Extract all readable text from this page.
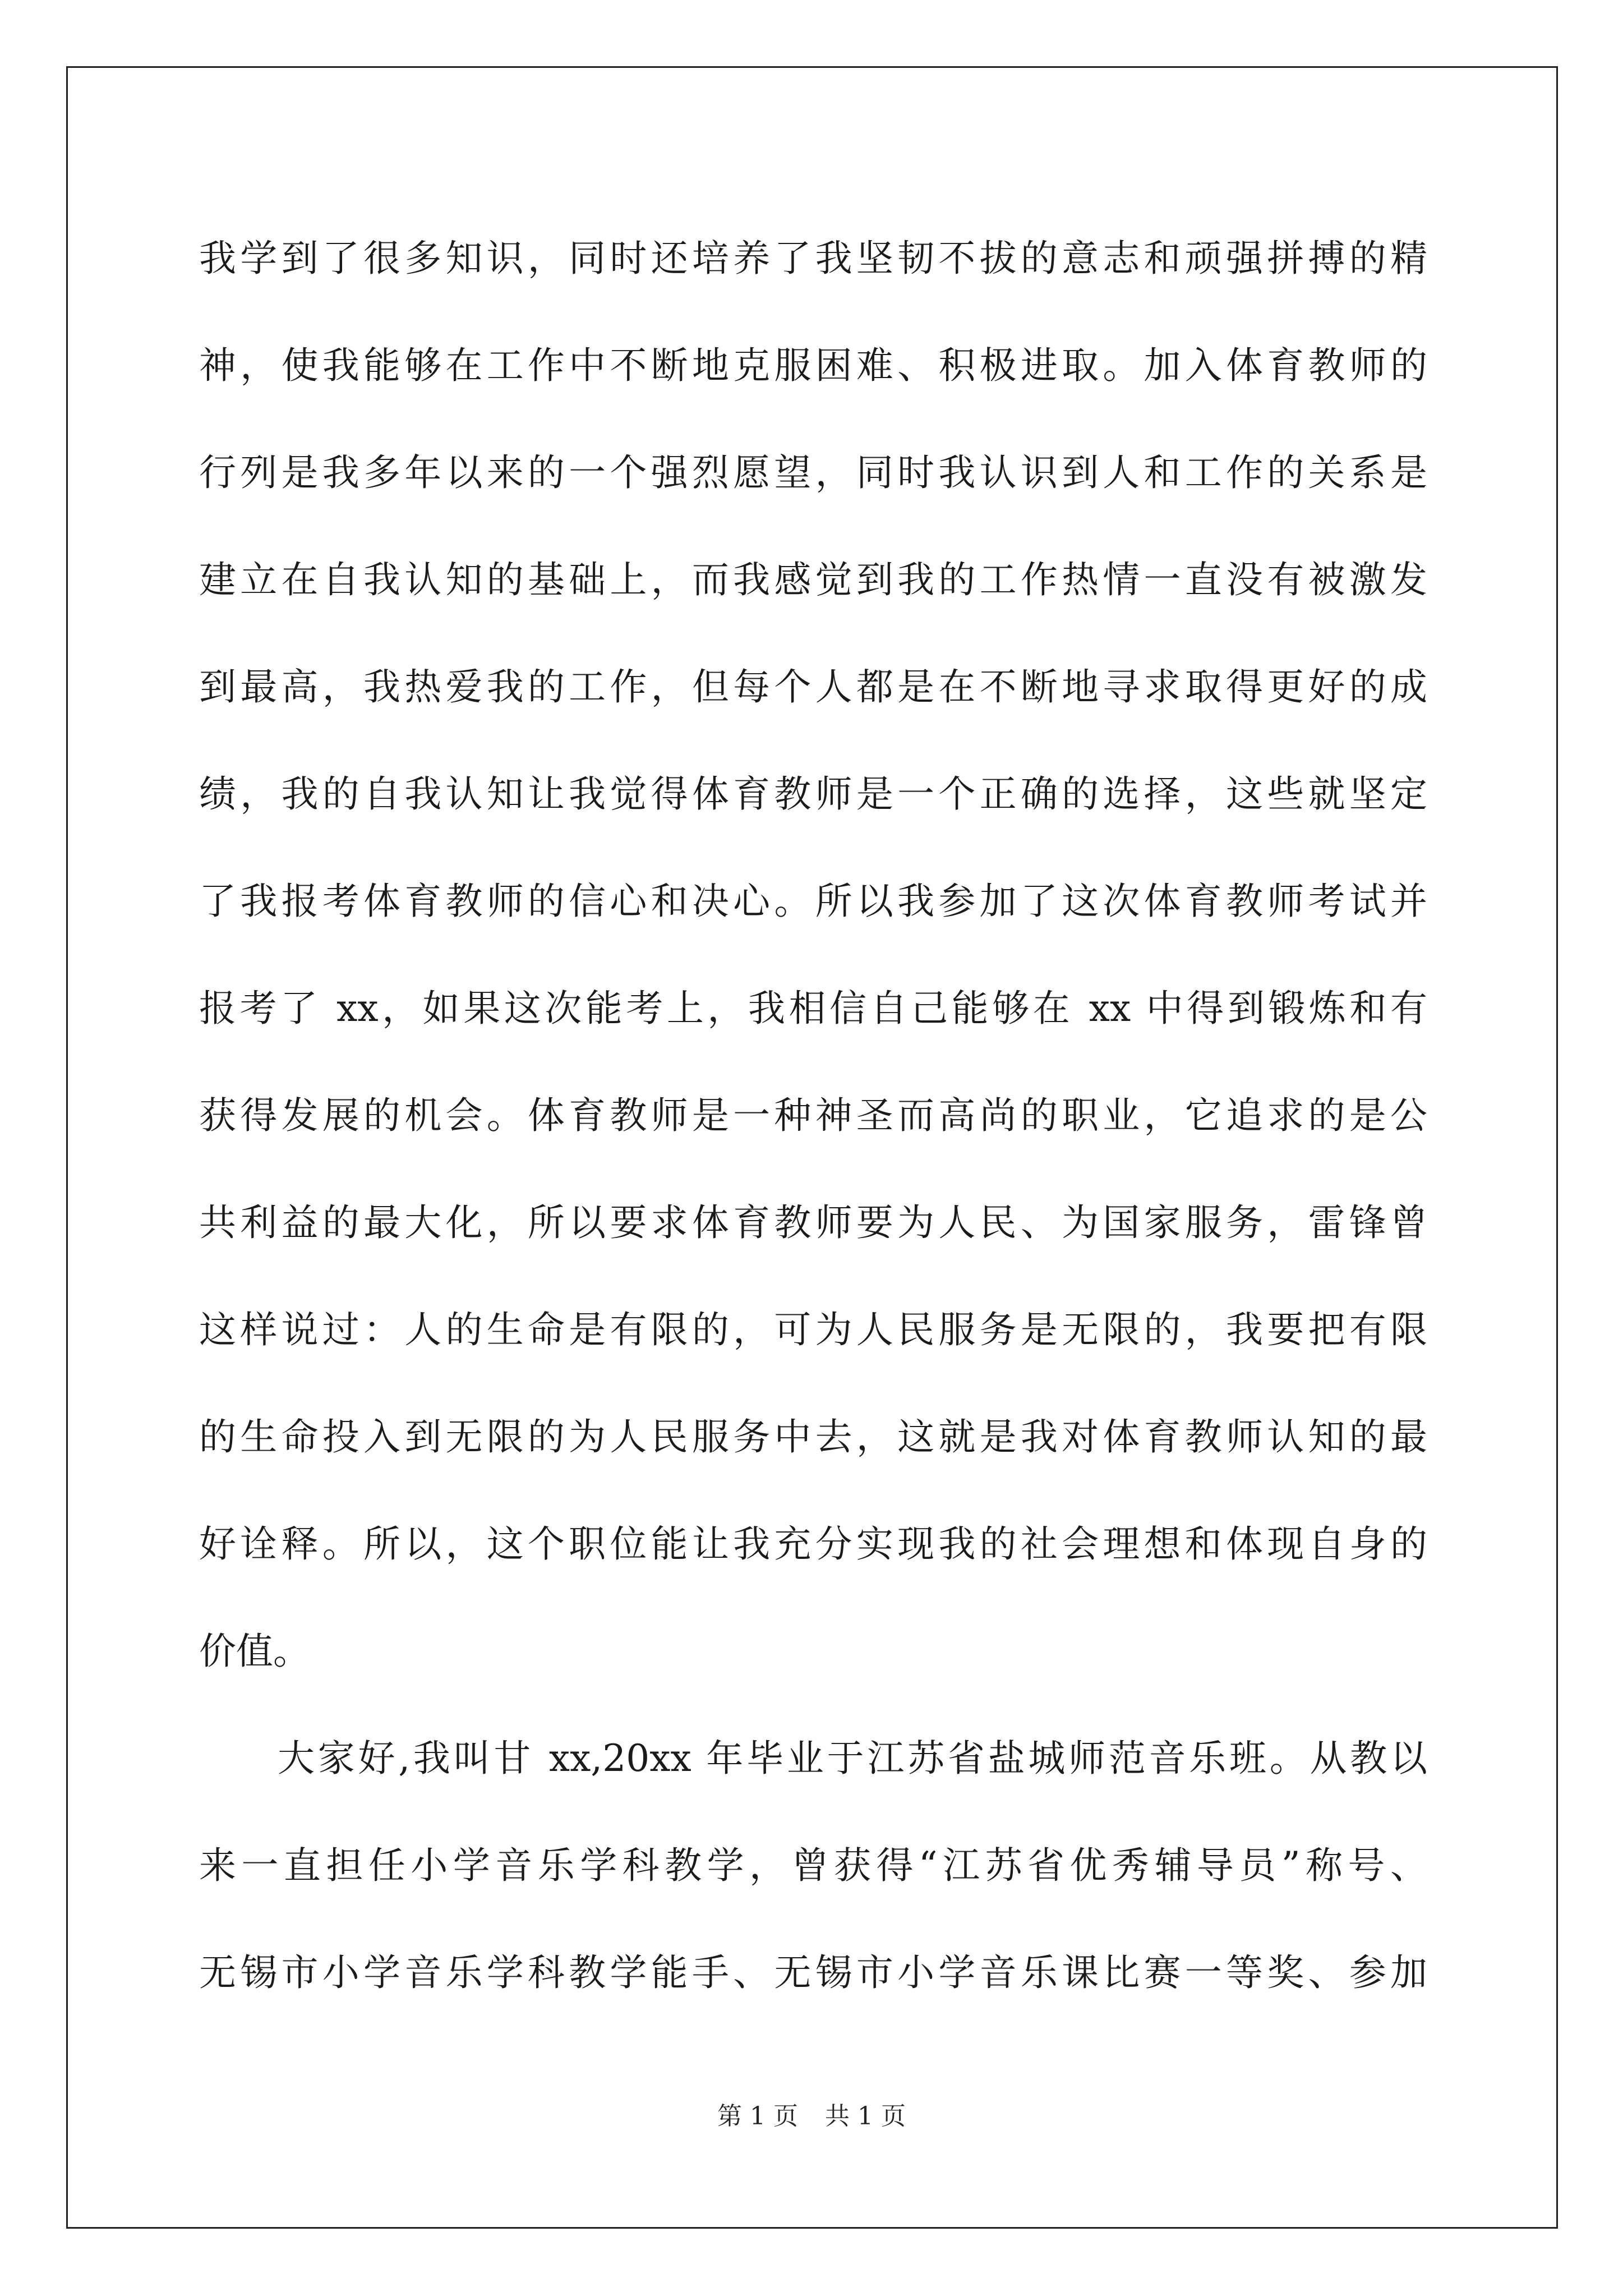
我学到了很多知识，同时还培养了我坚韧不拔的意志和顽强拼搏的精
神，使我能够在工作中不断地克服困难、积极进取。加入体育教师的
行列是我多年以来的一个强烈愿望，同时我认识到人和工作的关系是
建立在自我认知的基础上，而我感觉到我的工作热情一直没有被激发
到最高，我热爱我的工作，但每个人都是在不断地寻求取得更好的成
绩，我的自我认知让我觉得体育教师是一个正确的选择，这些就坚定
了我报考体育教师的信心和决心。所以我参加了这次体育教师考试并
报考了 xx，如果这次能考上，我相信自己能够在 xx 中得到锻炼和有
获得发展的机会。体育教师是一种神圣而高尚的职业，它追求的是公
共利益的最大化，所以要求体育教师要为人民、为国家服务，雷锋曾
这样说过：人的生命是有限的，可为人民服务是无限的，我要把有限
的生命投入到无限的为人民服务中去，这就是我对体育教师认知的最
好诠释。所以，这个职位能让我充分实现我的社会理想和体现自身的
价值。
大家好,我叫甘 xx,20xx 年毕业于江苏省盐城师范音乐班。从教以
来一直担任小学音乐学科教学，曾获得“江苏省优秀辅导员”称号、
无锡市小学音乐学科教学能手、无锡市小学音乐课比赛一等奖、参加
第 1 页 共 1 页
